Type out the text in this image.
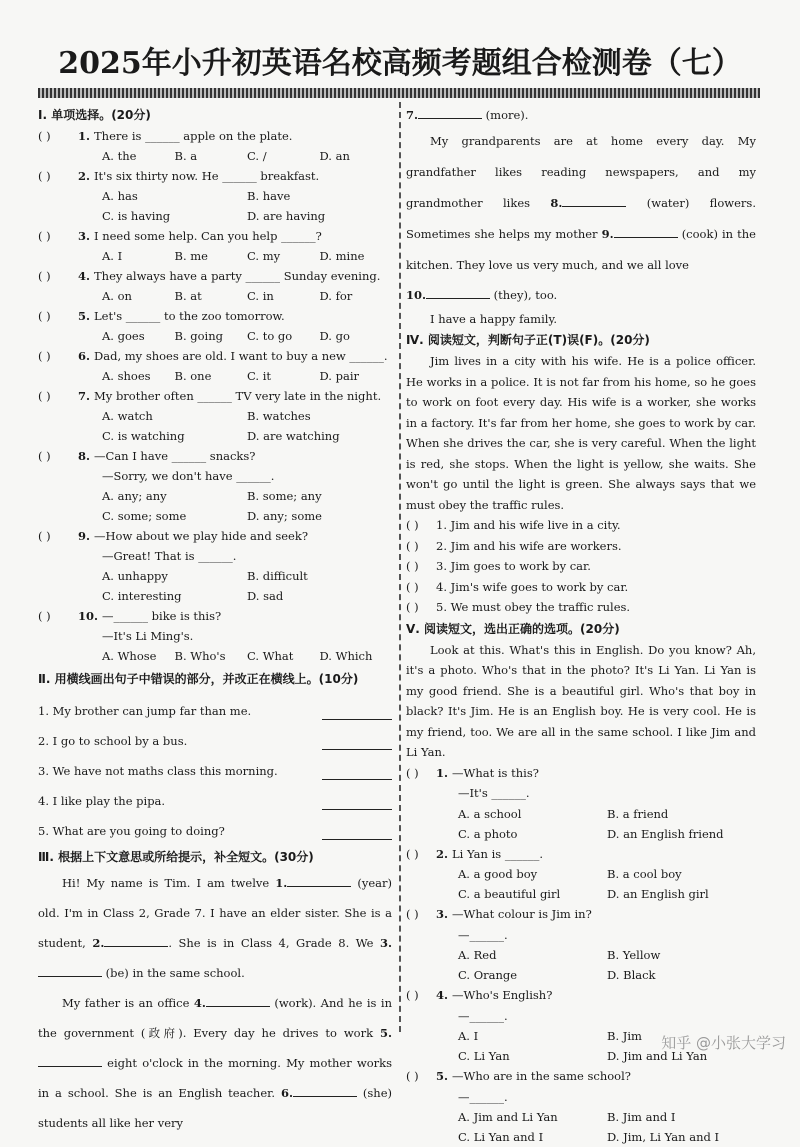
2025年小升初英语名校高频考题组合检测卷（七）
Ⅰ. 单项选择。(20分)
( )	1. There is ______ apple on the plate.
A. the	B. a	C. /	D. an
( )	2. It's six thirty now. He ______ breakfast.
A. has	B. have
C. is having	D. are having
( )	3. I need some help. Can you help ______?
A. I	B. me	C. my	D. mine
( )	4. They always have a party ______ Sunday evening.
A. on	B. at	C. in	D. for
( )	5. Let's ______ to the zoo tomorrow.
A. goes	B. going	C. to go	D. go
( )	6. Dad, my shoes are old. I want to buy a new ______.
A. shoes	B. one	C. it	D. pair
( )	7. My brother often ______ TV very late in the night.
A. watch	B. watches
C. is watching	D. are watching
( )	8. —Can I have ______ snacks?
—Sorry, we don't have ______.
A. any; any	B. some; any
C. some; some	D. any; some
( )	9. —How about we play hide and seek?
—Great! That is ______.
A. unhappy	B. difficult
C. interesting	D. sad
( )	10. —______ bike is this?
—It's Li Ming's.
A. Whose	B. Who's	C. What	D. Which
Ⅱ. 用横线画出句子中错误的部分，并改正在横线上。(10分)
1. My brother can jump far than me.
2. I go to school by a bus.
3. We have not maths class this morning.
4. I like play the pipa.
5. What are you going to doing?
Ⅲ. 根据上下文意思或所给提示，补全短文。(30分)
Hi! My name is Tim. I am twelve 1.	(year) old. I'm in Class 2, Grade 7. I have an elder sister. She is a student, 2.	. She is in Class 4, Grade 8. We 3. (be) in the same school.
My father is an office 4.	(work). And he is in the government (政府). Every day he drives to work 5. eight o'clock in the morning. My mother works in a school. She is an English teacher. 6.	(she) students all like her very
7.	(more).
My grandparents are at home every day. My grandfather likes reading newspapers, and my grandmother likes 8.	(water) flowers. Sometimes she helps my mother 9.	(cook) in the kitchen. They love us very much, and we all love
10.	(they), too.
I have a happy family.
Ⅳ. 阅读短文，判断句子正(T)误(F)。(20分)
Jim lives in a city with his wife. He is a police officer. He works in a police. It is not far from his home, so he goes to work on foot every day. His wife is a worker, she works in a factory. It's far from her home, she goes to work by car. When she drives the car, she is very careful. When the light is red, she stops. When the light is yellow, she waits. She won't go until the light is green. She always says that we must obey the traffic rules.
( )	1. Jim and his wife live in a city.
( )	2. Jim and his wife are workers.
( )	3. Jim goes to work by car.
( )	4. Jim's wife goes to work by car.
( )	5. We must obey the traffic rules.
Ⅴ. 阅读短文，选出正确的选项。(20分)
Look at this. What's this in English. Do you know? Ah, it's a photo. Who's that in the photo? It's Li Yan. Li Yan is my good friend. She is a beautiful girl. Who's that boy in black? It's Jim. He is an English boy. He is very cool. He is my friend, too. We are all in the same school. I like Jim and Li Yan.
( )	1. —What is this?
—It's ______.
A. a school	B. a friend
C. a photo	D. an English friend
( )	2. Li Yan is ______.
A. a good boy	B. a cool boy
C. a beautiful girl	D. an English girl
( )	3. —What colour is Jim in?
—______.
A. Red	B. Yellow
C. Orange	D. Black
( )	4. —Who's English?
—______.
A. I	B. Jim
C. Li Yan	D. Jim and Li Yan
( )	5. —Who are in the same school?
—______.
A. Jim and Li Yan	B. Jim and I
C. Li Yan and I	D. Jim, Li Yan and I
知乎 @小张大学习
